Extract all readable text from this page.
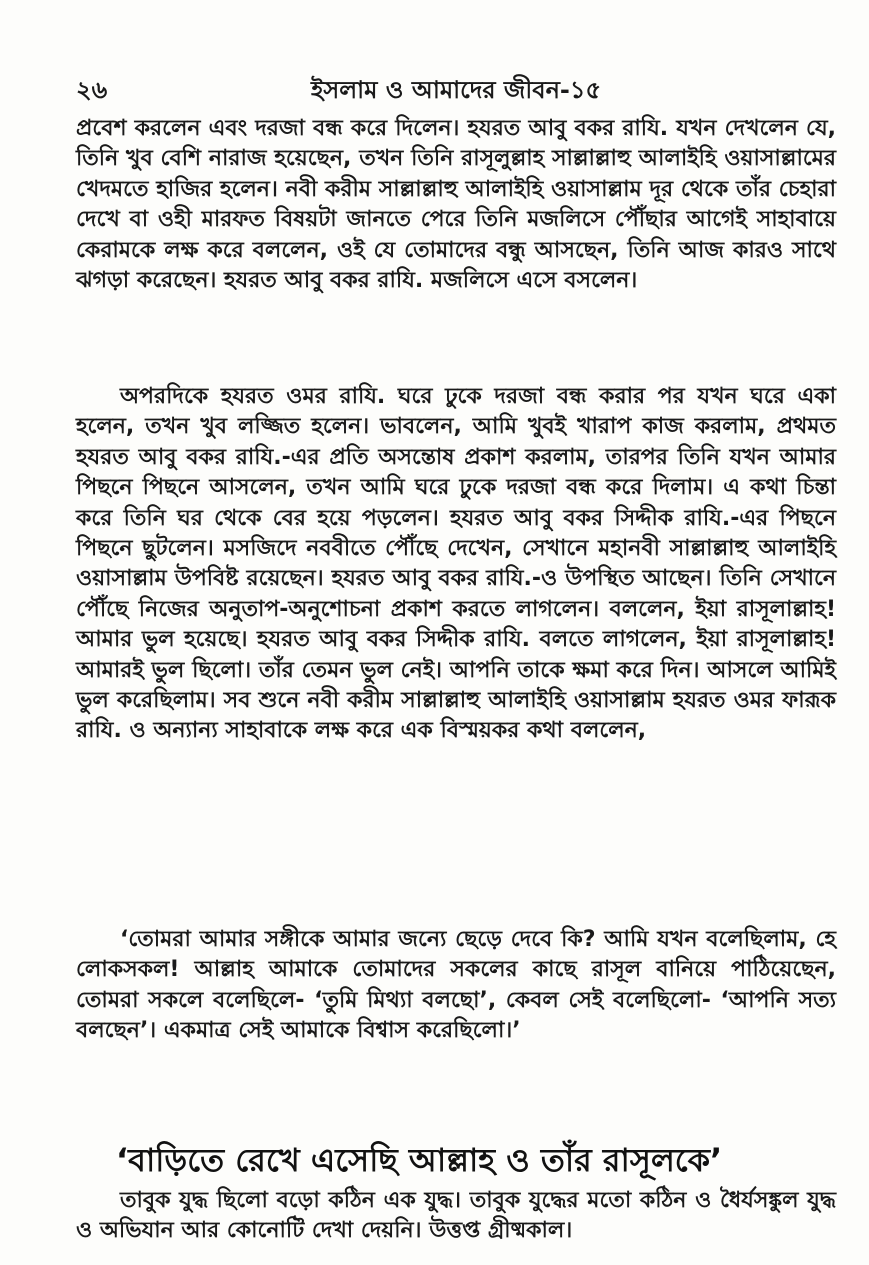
২৬	ইসলাম ও আমাদের জীবন-১৫

প্রবেশ করলেন এবং দরজা বন্ধ করে দিলেন। হযরত আবু বকর রাযি. যখন দেখলেন যে, তিনি খুব বেশি নারাজ হয়েছেন, তখন তিনি রাসূলুল্লাহ সাল্লাল্লাহু আলাইহি ওয়াসাল্লামের খেদমতে হাজির হলেন। নবী করীম সাল্লাল্লাহু আলাইহি ওয়াসাল্লাম দূর থেকে তাঁর চেহারা দেখে বা ওহী মারফত বিষয়টা জানতে পেরে তিনি মজলিসে পৌঁছার আগেই সাহাবায়ে কেরামকে লক্ষ করে বললেন, ওই যে তোমাদের বন্ধু আসছেন, তিনি আজ কারও সাথে ঝগড়া করেছেন। হযরত আবু বকর রাযি. মজলিসে এসে বসলেন।

অপরদিকে হযরত ওমর রাযি. ঘরে ঢুকে দরজা বন্ধ করার পর যখন ঘরে একা হলেন, তখন খুব লজ্জিত হলেন। ভাবলেন, আমি খুবই খারাপ কাজ করলাম, প্রথমত হযরত আবু বকর রাযি.-এর প্রতি অসন্তোষ প্রকাশ করলাম, তারপর তিনি যখন আমার পিছনে পিছনে আসলেন, তখন আমি ঘরে ঢুকে দরজা বন্ধ করে দিলাম। এ কথা চিন্তা করে তিনি ঘর থেকে বের হয়ে পড়লেন। হযরত আবু বকর সিদ্দীক রাযি.-এর পিছনে পিছনে ছুটলেন। মসজিদে নববীতে পৌঁছে দেখেন, সেখানে মহানবী সাল্লাল্লাহু আলাইহি ওয়াসাল্লাম উপবিষ্ট রয়েছেন। হযরত আবু বকর রাযি.-ও উপস্থিত আছেন। তিনি সেখানে পৌঁছে নিজের অনুতাপ-অনুশোচনা প্রকাশ করতে লাগলেন। বললেন, ইয়া রাসূলাল্লাহ! আমার ভুল হয়েছে। হযরত আবু বকর সিদ্দীক রাযি. বলতে লাগলেন, ইয়া রাসূলাল্লাহ! আমারই ভুল ছিলো। তাঁর তেমন ভুল নেই। আপনি তাকে ক্ষমা করে দিন। আসলে আমিই ভুল করেছিলাম। সব শুনে নবী করীম সাল্লাল্লাহু আলাইহি ওয়াসাল্লাম হযরত ওমর ফারূক রাযি. ও অন্যান্য সাহাবাকে লক্ষ করে এক বিস্ময়কর কথা বললেন,

‘তোমরা আমার সঙ্গীকে আমার জন্যে ছেড়ে দেবে কি? আমি যখন বলেছিলাম, হে লোকসকল! আল্লাহ আমাকে তোমাদের সকলের কাছে রাসূল বানিয়ে পাঠিয়েছেন, তোমরা সকলে বলেছিলে- ‘তুমি মিথ্যা বলছো’, কেবল সেই বলেছিলো- ‘আপনি সত্য বলছেন’। একমাত্র সেই আমাকে বিশ্বাস করেছিলো।’

‘বাড়িতে রেখে এসেছি আল্লাহ ও তাঁর রাসূলকে’

তাবুক যুদ্ধ ছিলো বড়ো কঠিন এক যুদ্ধ। তাবুক যুদ্ধের মতো কঠিন ও ধৈর্যসঙ্কুল যুদ্ধ ও অভিযান আর কোনোটি দেখা দেয়নি। উত্তপ্ত গ্রীষ্মকাল।
